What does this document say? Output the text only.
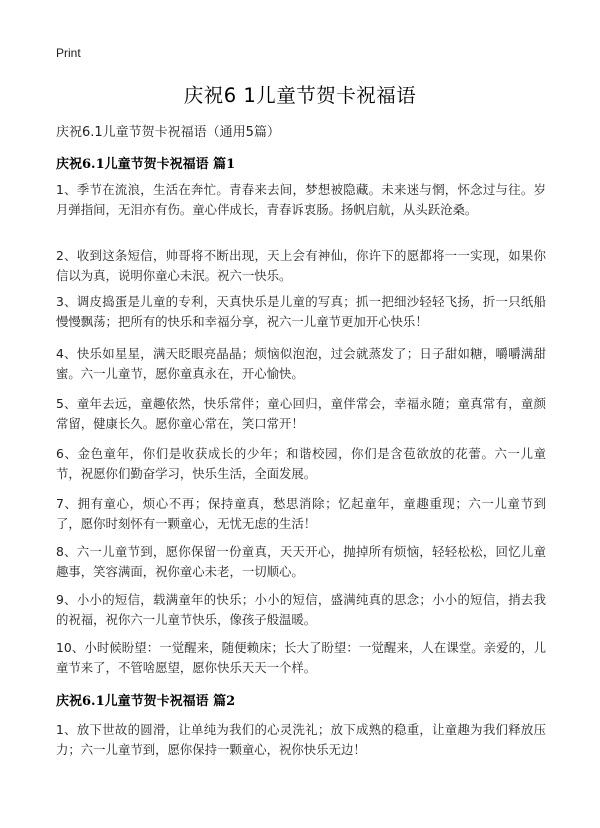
Print
庆祝6 1儿童节贺卡祝福语
庆祝6.1儿童节贺卡祝福语（通用5篇）
庆祝6.1儿童节贺卡祝福语 篇1
1、季节在流浪，生活在奔忙。青春来去间，梦想被隐藏。未来迷与惘，怀念过与往。岁月弹指间，无泪亦有伤。童心伴成长，青春诉衷肠。扬帆启航，从头跃沧桑。
2、收到这条短信，帅哥将不断出现，天上会有神仙，你许下的愿都将一一实现，如果你信以为真，说明你童心未泯。祝六一快乐。
3、调皮捣蛋是儿童的专利，天真快乐是儿童的写真；抓一把细沙轻轻飞扬，折一只纸船慢慢飘荡；把所有的快乐和幸福分享，祝六一儿童节更加开心快乐！
4、快乐如星星，满天眨眼亮晶晶；烦恼似泡泡，过会就蒸发了；日子甜如糖，嚼嚼满甜蜜。六一儿童节，愿你童真永在，开心愉快。
5、童年去远，童趣依然，快乐常伴；童心回归，童伴常会，幸福永随；童真常有，童颜常留，健康长久。愿你童心常在，笑口常开！
6、金色童年，你们是收获成长的少年；和谐校园，你们是含苞欲放的花蕾。六一儿童节，祝愿你们勤奋学习，快乐生活，全面发展。
7、拥有童心，烦心不再；保持童真，愁思消除；忆起童年，童趣重现；六一儿童节到了，愿你时刻怀有一颗童心，无忧无虑的生活！
8、六一儿童节到，愿你保留一份童真，天天开心，抛掉所有烦恼，轻轻松松，回忆儿童趣事，笑容满面，祝你童心未老，一切顺心。
9、小小的短信，载满童年的快乐；小小的短信，盛满纯真的思念；小小的短信，捎去我的祝福，祝你六一儿童节快乐，像孩子般温暖。
10、小时候盼望：一觉醒来，随便赖床；长大了盼望：一觉醒来，人在课堂。亲爱的，儿童节来了，不管啥愿望，愿你快乐天天一个样。
庆祝6.1儿童节贺卡祝福语 篇2
1、放下世故的圆滑，让单纯为我们的心灵洗礼；放下成熟的稳重，让童趣为我们释放压力；六一儿童节到，愿你保持一颗童心，祝你快乐无边！
